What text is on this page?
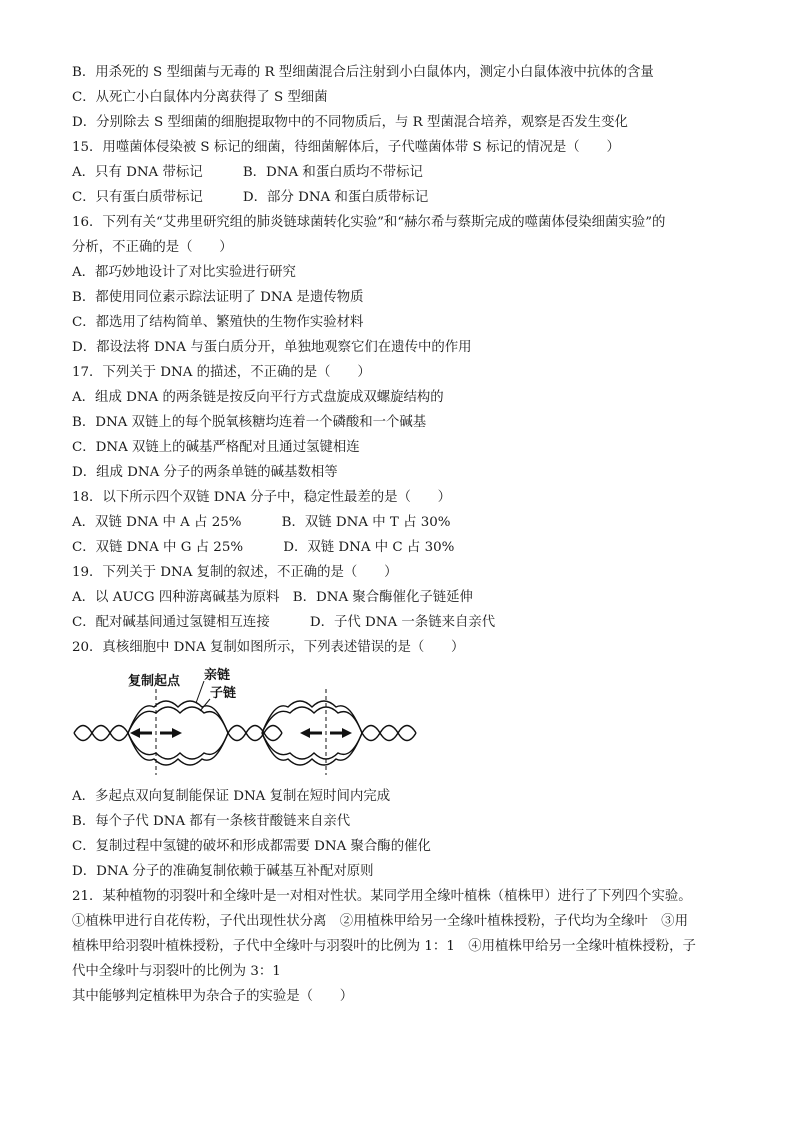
B．用杀死的 S 型细菌与无毒的 R 型细菌混合后注射到小白鼠体内，测定小白鼠体液中抗体的含量
C．从死亡小白鼠体内分离获得了 S 型细菌
D．分别除去 S 型细菌的细胞提取物中的不同物质后，与 R 型菌混合培养，观察是否发生变化
15．用噬菌体侵染被 S 标记的细菌，待细菌解体后，子代噬菌体带 S 标记的情况是（　　）
A．只有 DNA 带标记　　　B．DNA 和蛋白质均不带标记
C．只有蛋白质带标记　　　D．部分 DNA 和蛋白质带标记
16．下列有关“艾弗里研究组的肺炎链球菌转化实验”和“赫尔希与蔡斯完成的噬菌体侵染细菌实验”的
分析，不正确的是（　　）
A．都巧妙地设计了对比实验进行研究
B．都使用同位素示踪法证明了 DNA 是遗传物质
C．都选用了结构简单、繁殖快的生物作实验材料
D．都设法将 DNA 与蛋白质分开，单独地观察它们在遗传中的作用
17．下列关于 DNA 的描述，不正确的是（　　）
A．组成 DNA 的两条链是按反向平行方式盘旋成双螺旋结构的
B．DNA 双链上的每个脱氧核糖均连着一个磷酸和一个碱基
C．DNA 双链上的碱基严格配对且通过氢键相连
D．组成 DNA 分子的两条单链的碱基数相等
18．以下所示四个双链 DNA 分子中，稳定性最差的是（　　）
A．双链 DNA 中 A 占 25%　　　B．双链 DNA 中 T 占 30%
C．双链 DNA 中 G 占 25%　　　D．双链 DNA 中 C 占 30%
19．下列关于 DNA 复制的叙述，不正确的是（　　）
A．以 AUCG 四种游离碱基为原料　B．DNA 聚合酶催化子链延伸
C．配对碱基间通过氢键相互连接　　　D．子代 DNA 一条链来自亲代
20．真核细胞中 DNA 复制如图所示，下列表述错误的是（　　）
复制起点 亲链
子链
A．多起点双向复制能保证 DNA 复制在短时间内完成
B．每个子代 DNA 都有一条核苷酸链来自亲代
C．复制过程中氢键的破坏和形成都需要 DNA 聚合酶的催化
D．DNA 分子的准确复制依赖于碱基互补配对原则
21．某种植物的羽裂叶和全缘叶是一对相对性状。某同学用全缘叶植株（植株甲）进行了下列四个实验。
①植株甲进行自花传粉，子代出现性状分离　②用植株甲给另一全缘叶植株授粉，子代均为全缘叶　③用
植株甲给羽裂叶植株授粉，子代中全缘叶与羽裂叶的比例为 1：1　④用植株甲给另一全缘叶植株授粉，子
代中全缘叶与羽裂叶的比例为 3：1
其中能够判定植株甲为杂合子的实验是（　　）
